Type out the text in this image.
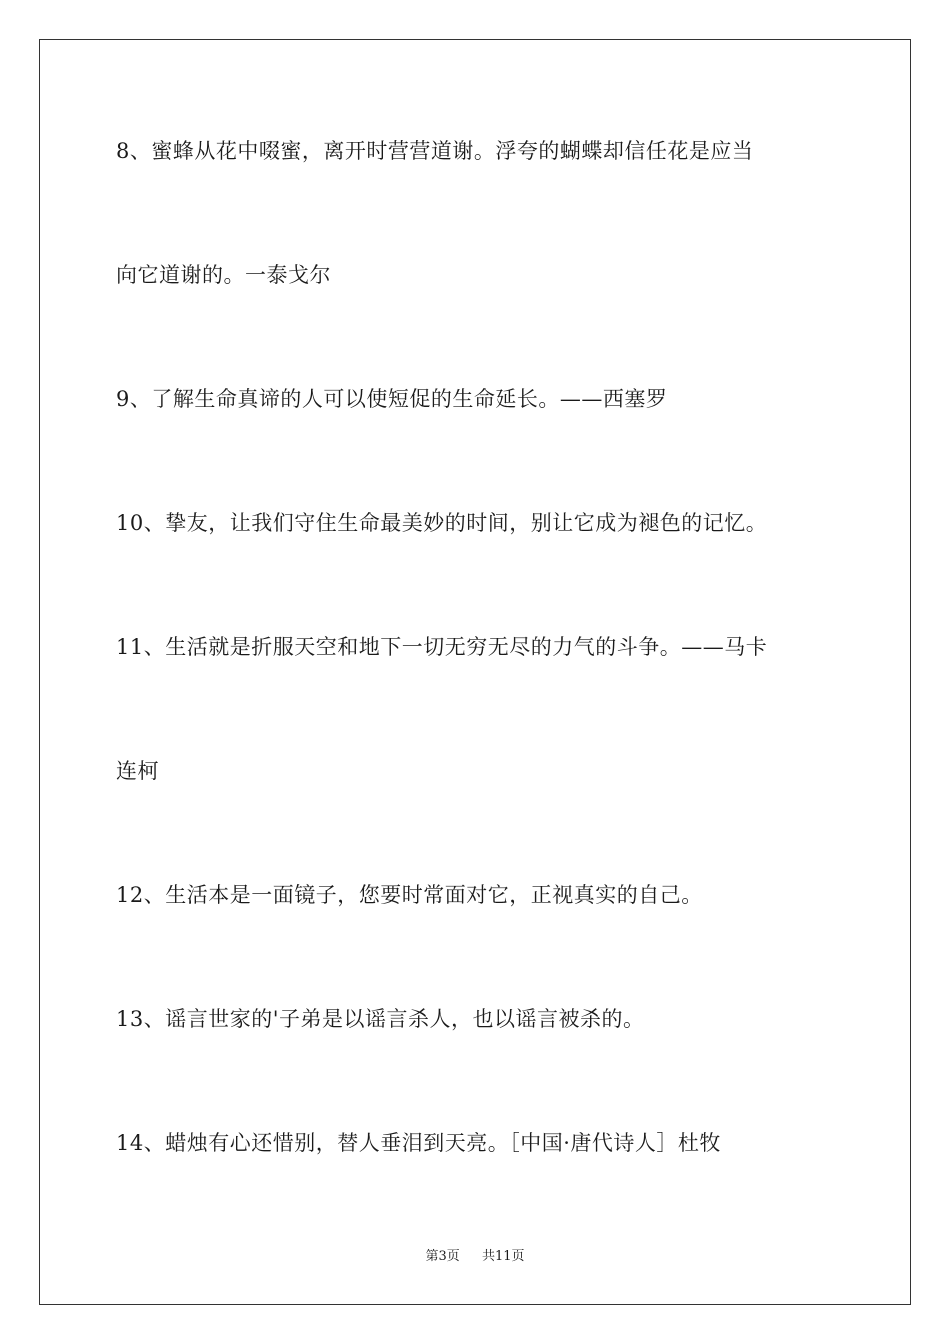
8、蜜蜂从花中啜蜜，离开时营营道谢。浮夸的蝴蝶却信任花是应当
向它道谢的。一泰戈尔
9、了解生命真谛的人可以使短促的生命延长。——西塞罗
10、挚友，让我们守住生命最美妙的时间，别让它成为褪色的记忆。
11、生活就是折服天空和地下一切无穷无尽的力气的斗争。——马卡
连柯
12、生活本是一面镜子，您要时常面对它，正视真实的自己。
13、谣言世家的'子弟是以谣言杀人，也以谣言被杀的。
14、蜡烛有心还惜别，替人垂泪到天亮。［中国·唐代诗人］杜牧
第3页 共11页
